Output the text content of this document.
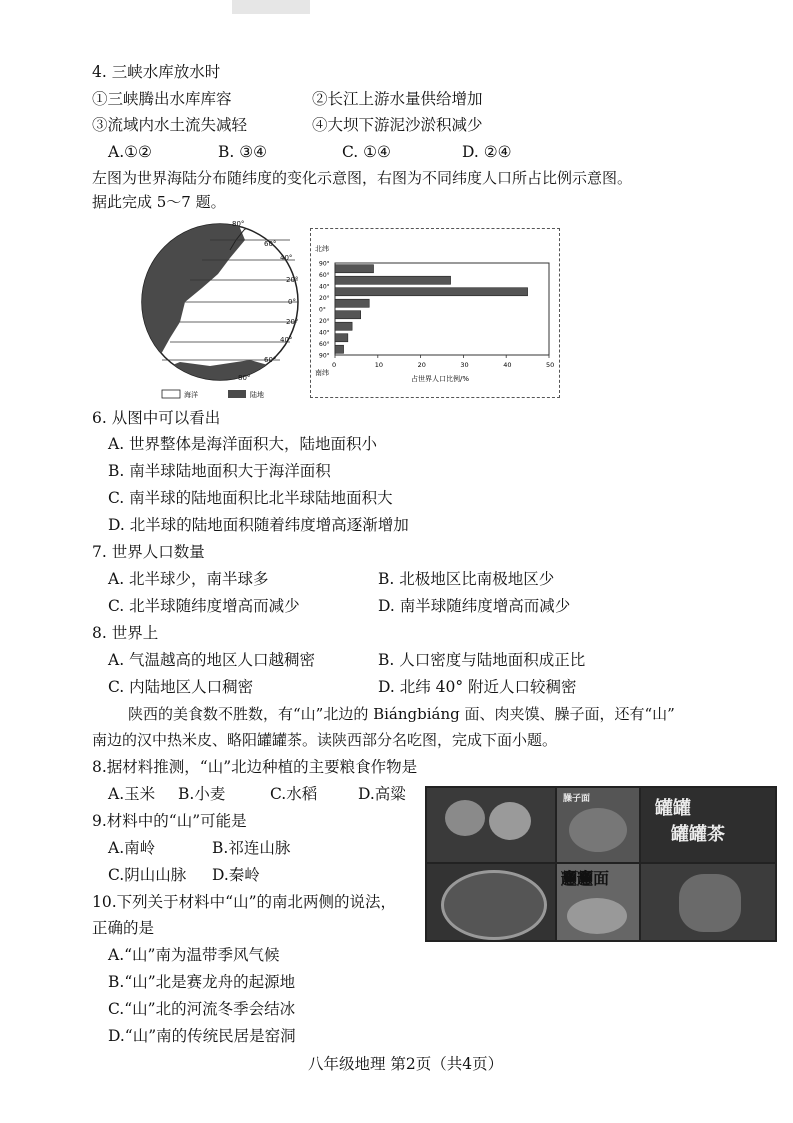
4. 三峡水库放水时
①三峡腾出水库库容	②长江上游水量供给增加
③流域内水土流失减轻	④大坝下游泥沙淤积减少
A.①②	B. ③④	C. ①④	D. ②④
左图为世界海陆分布随纬度的变化示意图，右图为不同纬度人口所占比例示意图。
据此完成 5～7 题。
80°
60°
40°
20°
0°
20°
40°
60°
80°
海洋	陆地
北纬
南纬
90°
60°
40°
20°
0°
20°
40°
60°
90°
0	10	20	30	40	50
占世界人口比例/%
6. 从图中可以看出
A. 世界整体是海洋面积大，陆地面积小
B. 南半球陆地面积大于海洋面积
C. 南半球的陆地面积比北半球陆地面积大
D. 北半球的陆地面积随着纬度增高逐渐增加
7. 世界人口数量
A. 北半球少，南半球多	B. 北极地区比南极地区少
C. 北半球随纬度增高而减少	D. 南半球随纬度增高而减少
8. 世界上
A. 气温越高的地区人口越稠密	B. 人口密度与陆地面积成正比
C. 内陆地区人口稠密	D. 北纬 40° 附近人口较稠密
陕西的美食数不胜数，有“山”北边的 Biángbiáng 面、肉夹馍、臊子面，还有“山”
南边的汉中热米皮、略阳罐罐茶。读陕西部分名吃图，完成下面小题。
8.据材料推测，“山”北边种植的主要粮食作物是
A.玉米 B.小麦	C.水稻	D.高粱
9.材料中的“山”可能是
A.南岭	B.祁连山脉
C.阴山山脉 D.秦岭
10.下列关于材料中“山”的南北两侧的说法，
正确的是
A.“山”南为温带季风气候
B.“山”北是赛龙舟的起源地
C.“山”北的河流冬季会结冰
D.“山”南的传统民居是窑洞
臊子面	罐罐
罐罐茶
𰻞𰻞面
八年级地理 第2页（共4页）
